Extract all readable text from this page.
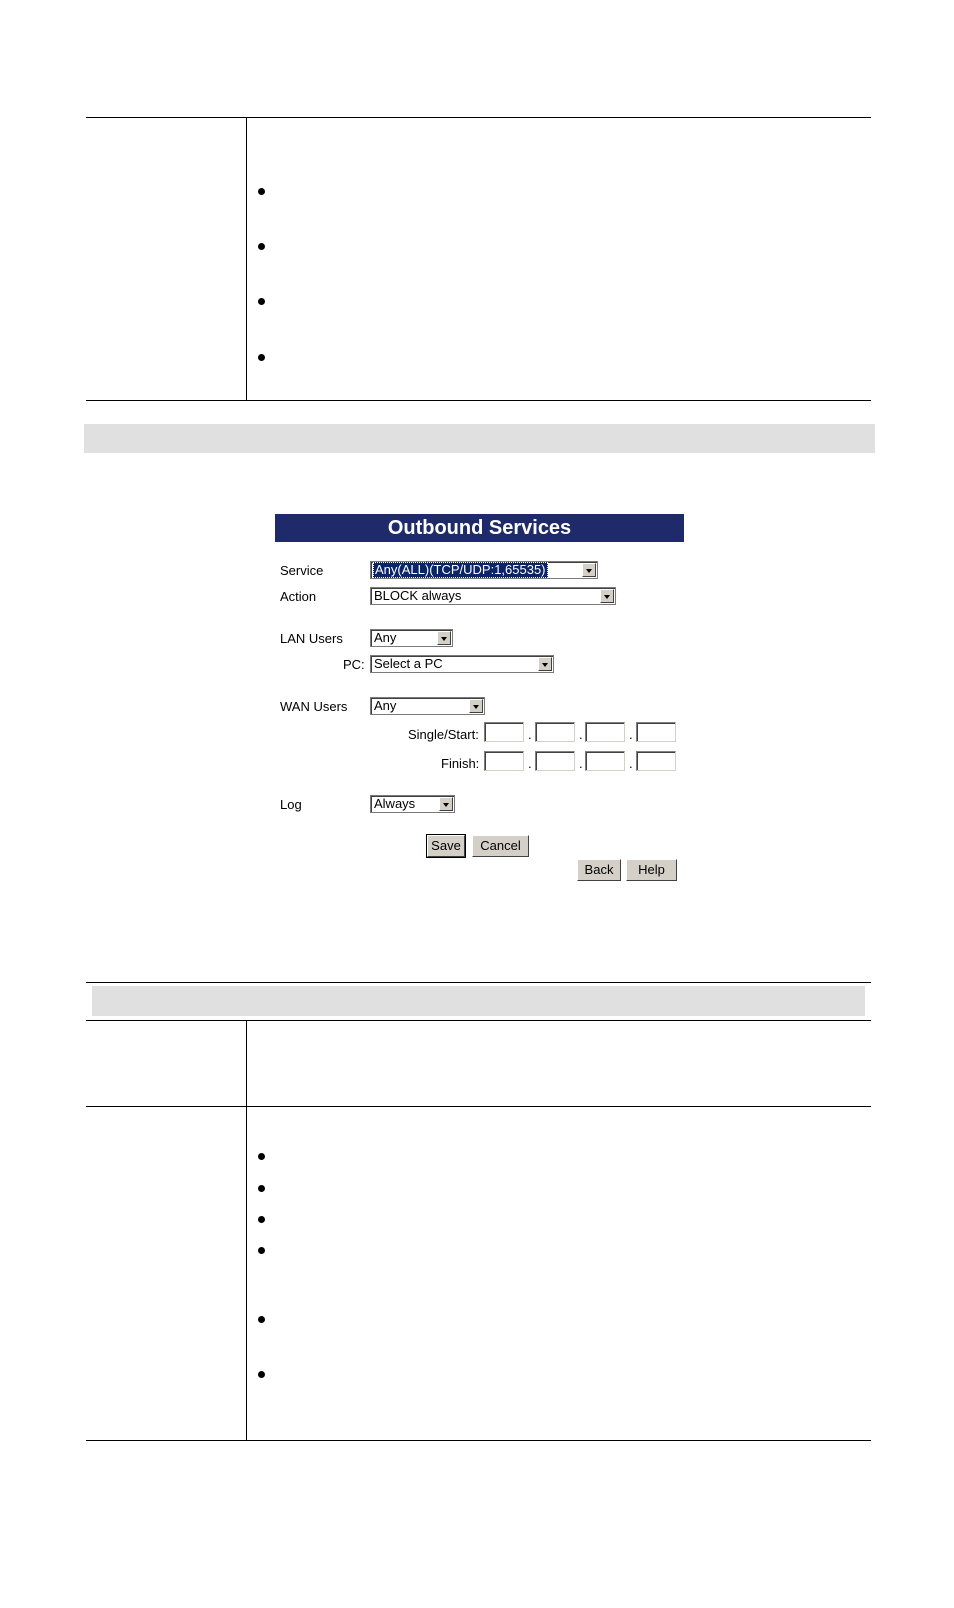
Outbound Services
Service	Any(ALL)(TCP/UDP:1,65535)
Action	BLOCK always
LAN Users Any
PC: Select a PC
WAN Users Any
Single/Start:	.	.	.
Finish:	.	.	.
Log	Always
Save	Cancel
Back	Help
